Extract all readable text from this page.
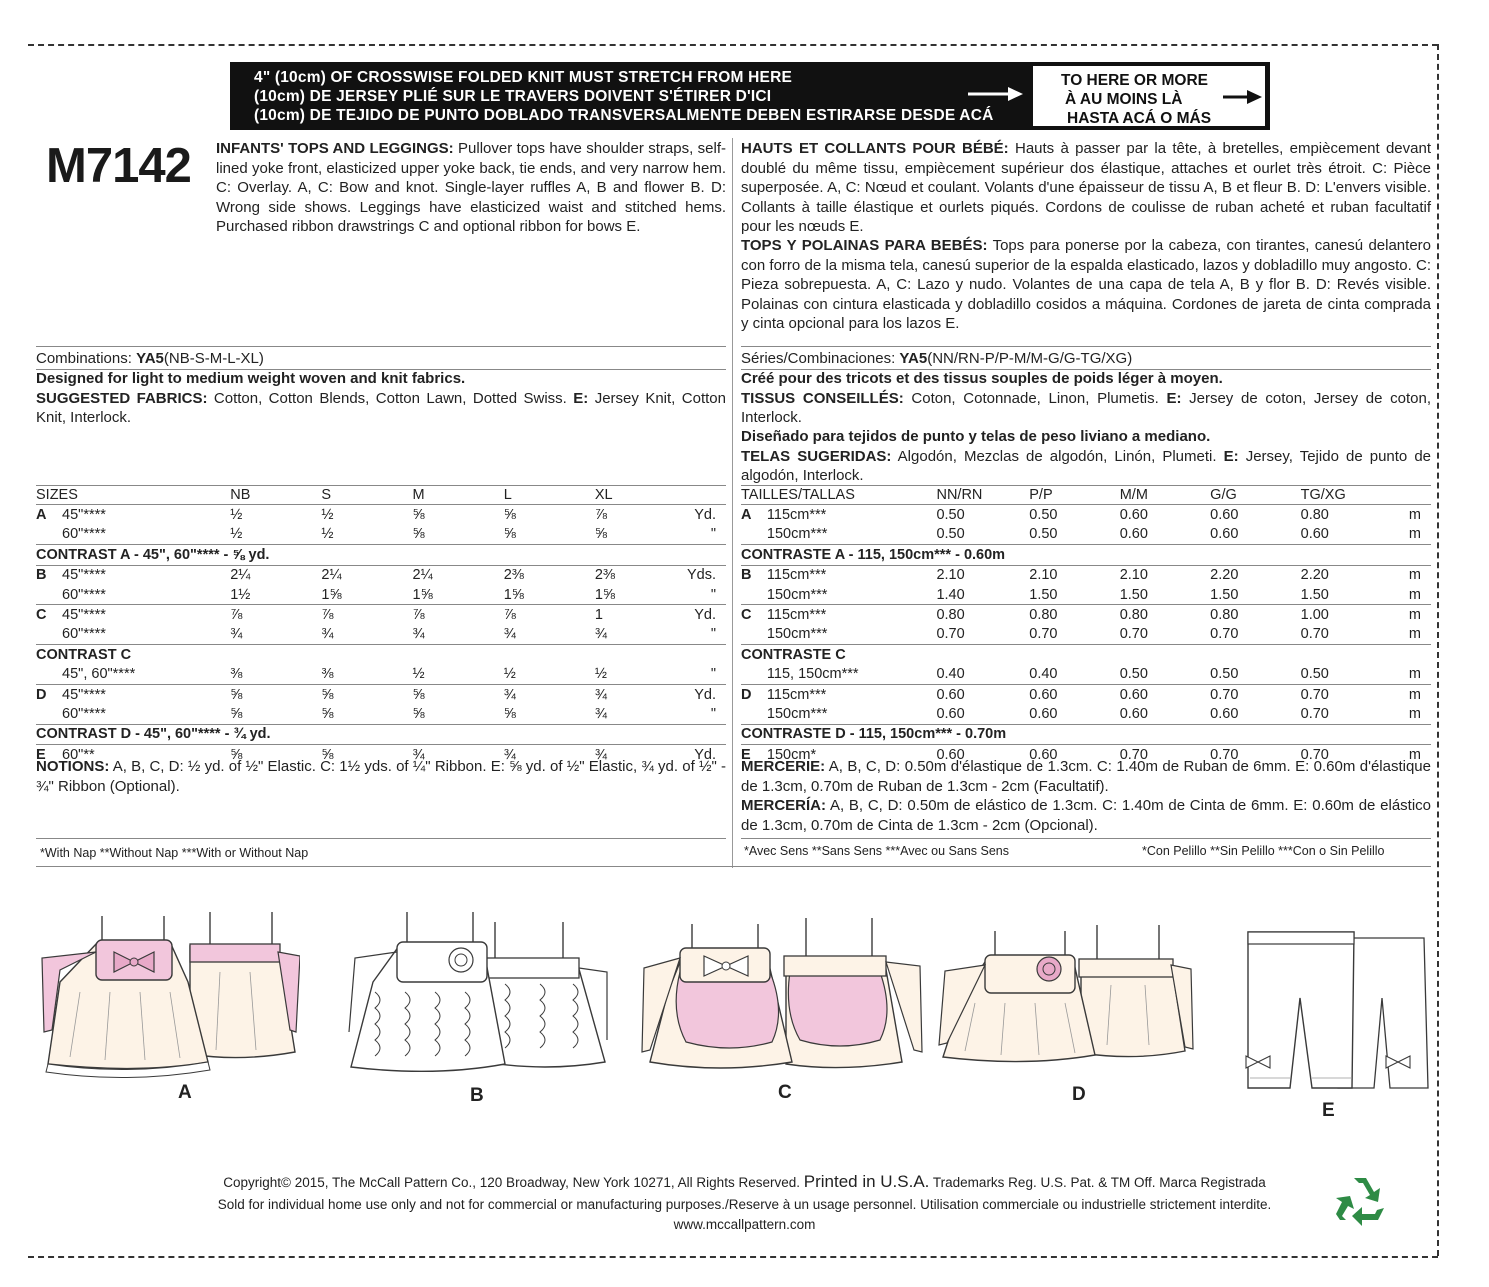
4" (10cm) OF CROSSWISE FOLDED KNIT MUST STRETCH FROM HERE
(10cm) DE JERSEY PLIÉ SUR LE TRAVERS DOIVENT S'ÉTIRER D'ICI
(10cm) DE TEJIDO DE PUNTO DOBLADO TRANSVERSALMENTE DEBEN ESTIRARSE DESDE ACÁ
TO HERE OR MORE
À AU MOINS LÀ
HASTA ACÁ O MÁS
M7142 INFANTS' TOPS AND LEGGINGS: Pullover tops have shoulder straps, self-lined yoke front, elasticized upper yoke back, tie ends, and very narrow hem. C: Overlay. A, C: Bow and knot. Single-layer ruffles A, B and flower B. D: Wrong side shows. Leggings have elasticized waist and stitched hems. Purchased ribbon drawstrings C and optional ribbon for bows E.
HAUTS ET COLLANTS POUR BÉBÉ: Hauts à passer par la tête, à bretelles, empiècement devant doublé du même tissu, empiècement supérieur dos élastique, attaches et ourlet très étroit. C: Pièce superposée. A, C: Nœud et coulant. Volants d'une épaisseur de tissu A, B et fleur B. D: L'envers visible. Collants à taille élastique et ourlets piqués. Cordons de coulisse de ruban acheté et ruban facultatif pour les nœuds E.
TOPS Y POLAINAS PARA BEBÉS: Tops para ponerse por la cabeza, con tirantes, canesú delantero con forro de la misma tela, canesú superior de la espalda elasticado, lazos y dobladillo muy angosto. C: Pieza sobrepuesta. A, C: Lazo y nudo. Volantes de una capa de tela A, B y flor B. D: Revés visible. Polainas con cintura elasticada y dobladillo cosidos a máquina. Cordones de jareta de cinta comprada y cinta opcional para los lazos E.
Combinations: YA5(NB-S-M-L-XL)	Séries/Combinaciones: YA5(NN/RN-P/P-M/M-G/G-TG/XG)
Designed for light to medium weight woven and knit fabrics.
SUGGESTED FABRICS: Cotton, Cotton Blends, Cotton Lawn, Dotted Swiss. E: Jersey Knit, Cotton Knit, Interlock.
Créé pour des tricots et des tissus souples de poids léger à moyen.
TISSUS CONSEILLÉS: Coton, Cotonnade, Linon, Plumetis. E: Jersey de coton, Jersey de coton, Interlock.
Diseñado para tejidos de punto y telas de peso liviano a mediano.
TELAS SUGERIDAS: Algodón, Mezclas de algodón, Linón, Plumeti. E: Jersey, Tejido de punto de algodón, Interlock.
SIZES		NB	S	M	L	XL	
A	45"****	½	½	⅝	⅝	⅞	Yd.
	60"****	½	½	⅝	⅝	⅝	"
CONTRAST A - 45", 60"**** - ⅝ yd.							
B	45"****	2¼	2¼	2¼	2⅜	2⅜	Yds.
	60"****	1½	1⅝	1⅝	1⅝	1⅝	"
C	45"****	⅞	⅞	⅞	⅞	1	Yd.
	60"****	¾	¾	¾	¾	¾	"
CONTRAST C							
	45", 60"****	⅜	⅜	½	½	½	"
D	45"****	⅝	⅝	⅝	¾	¾	Yd.
	60"****	⅝	⅝	⅝	⅝	¾	"
CONTRAST D - 45", 60"**** - ¾ yd.							
E	60"**	⅝	⅝	¾	¾	¾	Yd.
TAILLES/TALLAS		NN/RN	P/P	M/M	G/G	TG/XG	
A	115cm***	0.50	0.50	0.60	0.60	0.80	m
	150cm***	0.50	0.50	0.60	0.60	0.60	m
CONTRASTE A - 115, 150cm*** - 0.60m							
B	115cm***	2.10	2.10	2.10	2.20	2.20	m
	150cm***	1.40	1.50	1.50	1.50	1.50	m
C	115cm***	0.80	0.80	0.80	0.80	1.00	m
	150cm***	0.70	0.70	0.70	0.70	0.70	m
CONTRASTE C							
	115, 150cm***	0.40	0.40	0.50	0.50	0.50	m
D	115cm***	0.60	0.60	0.60	0.70	0.70	m
	150cm***	0.60	0.60	0.60	0.60	0.70	m
CONTRASTE D - 115, 150cm*** - 0.70m							
E	150cm*	0.60	0.60	0.70	0.70	0.70	m
NOTIONS: A, B, C, D: ½ yd. of ½" Elastic. C: 1½ yds. of ¼" Ribbon. E: ⅝ yd. of ½" Elastic, ¾ yd. of ½" - ¾" Ribbon (Optional).
MERCERIE: A, B, C, D: 0.50m d'élastique de 1.3cm. C: 1.40m de Ruban de 6mm. E: 0.60m d'élastique de 1.3cm, 0.70m de Ruban de 1.3cm - 2cm (Facultatif).
MERCERÍA: A, B, C, D: 0.50m de elástico de 1.3cm. C: 1.40m de Cinta de 6mm. E: 0.60m de elástico de 1.3cm, 0.70m de Cinta de 1.3cm - 2cm (Opcional).
*With Nap **Without Nap ***With or Without Nap	*Avec Sens **Sans Sens ***Avec ou Sans Sens	*Con Pelillo **Sin Pelillo ***Con o Sin Pelillo
A	B	C	D
E
Copyright© 2015, The McCall Pattern Co., 120 Broadway, New York 10271, All Rights Reserved. Printed in U.S.A. Trademarks Reg. U.S. Pat. & TM Off. Marca Registrada
Sold for individual home use only and not for commercial or manufacturing purposes./Reserve à un usage personnel. Utilisation commerciale ou industrielle strictement interdite.
www.mccallpattern.com
